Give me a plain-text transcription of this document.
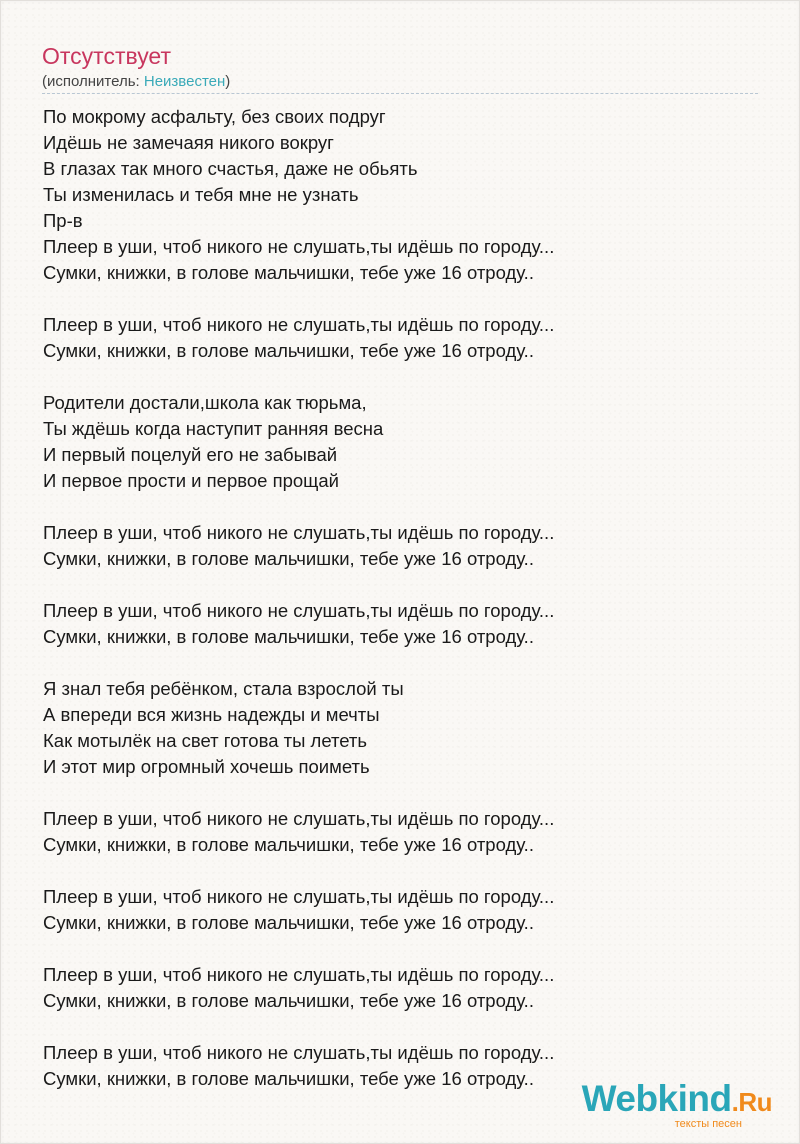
Отсутствует
(исполнитель: Неизвестен)
По мокрому асфальту, без своих подруг
Идёшь не замечаяя никого вокруг
В глазах так много счастья, даже не обьять
Ты изменилась и тебя мне не узнать
Пр-в
Плеер в уши, чтоб никого не слушать,ты идёшь по городу...
Сумки, книжки, в голове мальчишки, тебе уже 16 отроду..
Плеер в уши, чтоб никого не слушать,ты идёшь по городу...
Сумки, книжки, в голове мальчишки, тебе уже 16 отроду..
Родители достали,школа как тюрьма,
Ты ждёшь когда наступит ранняя весна
И первый поцелуй его не забывай
И первое прости и первое прощай
Плеер в уши, чтоб никого не слушать,ты идёшь по городу...
Сумки, книжки, в голове мальчишки, тебе уже 16 отроду..
Плеер в уши, чтоб никого не слушать,ты идёшь по городу...
Сумки, книжки, в голове мальчишки, тебе уже 16 отроду..
Я знал тебя ребёнком, стала взрослой ты
А впереди вся жизнь надежды и мечты
Как мотылёк на свет готова ты лететь
И этот мир огромный хочешь поиметь
Плеер в уши, чтоб никого не слушать,ты идёшь по городу...
Сумки, книжки, в голове мальчишки, тебе уже 16 отроду..
Плеер в уши, чтоб никого не слушать,ты идёшь по городу...
Сумки, книжки, в голове мальчишки, тебе уже 16 отроду..
Плеер в уши, чтоб никого не слушать,ты идёшь по городу...
Сумки, книжки, в голове мальчишки, тебе уже 16 отроду..
Плеер в уши, чтоб никого не слушать,ты идёшь по городу...
Сумки, книжки, в голове мальчишки, тебе уже 16 отроду..	Webkind.Ru
тексты песен
